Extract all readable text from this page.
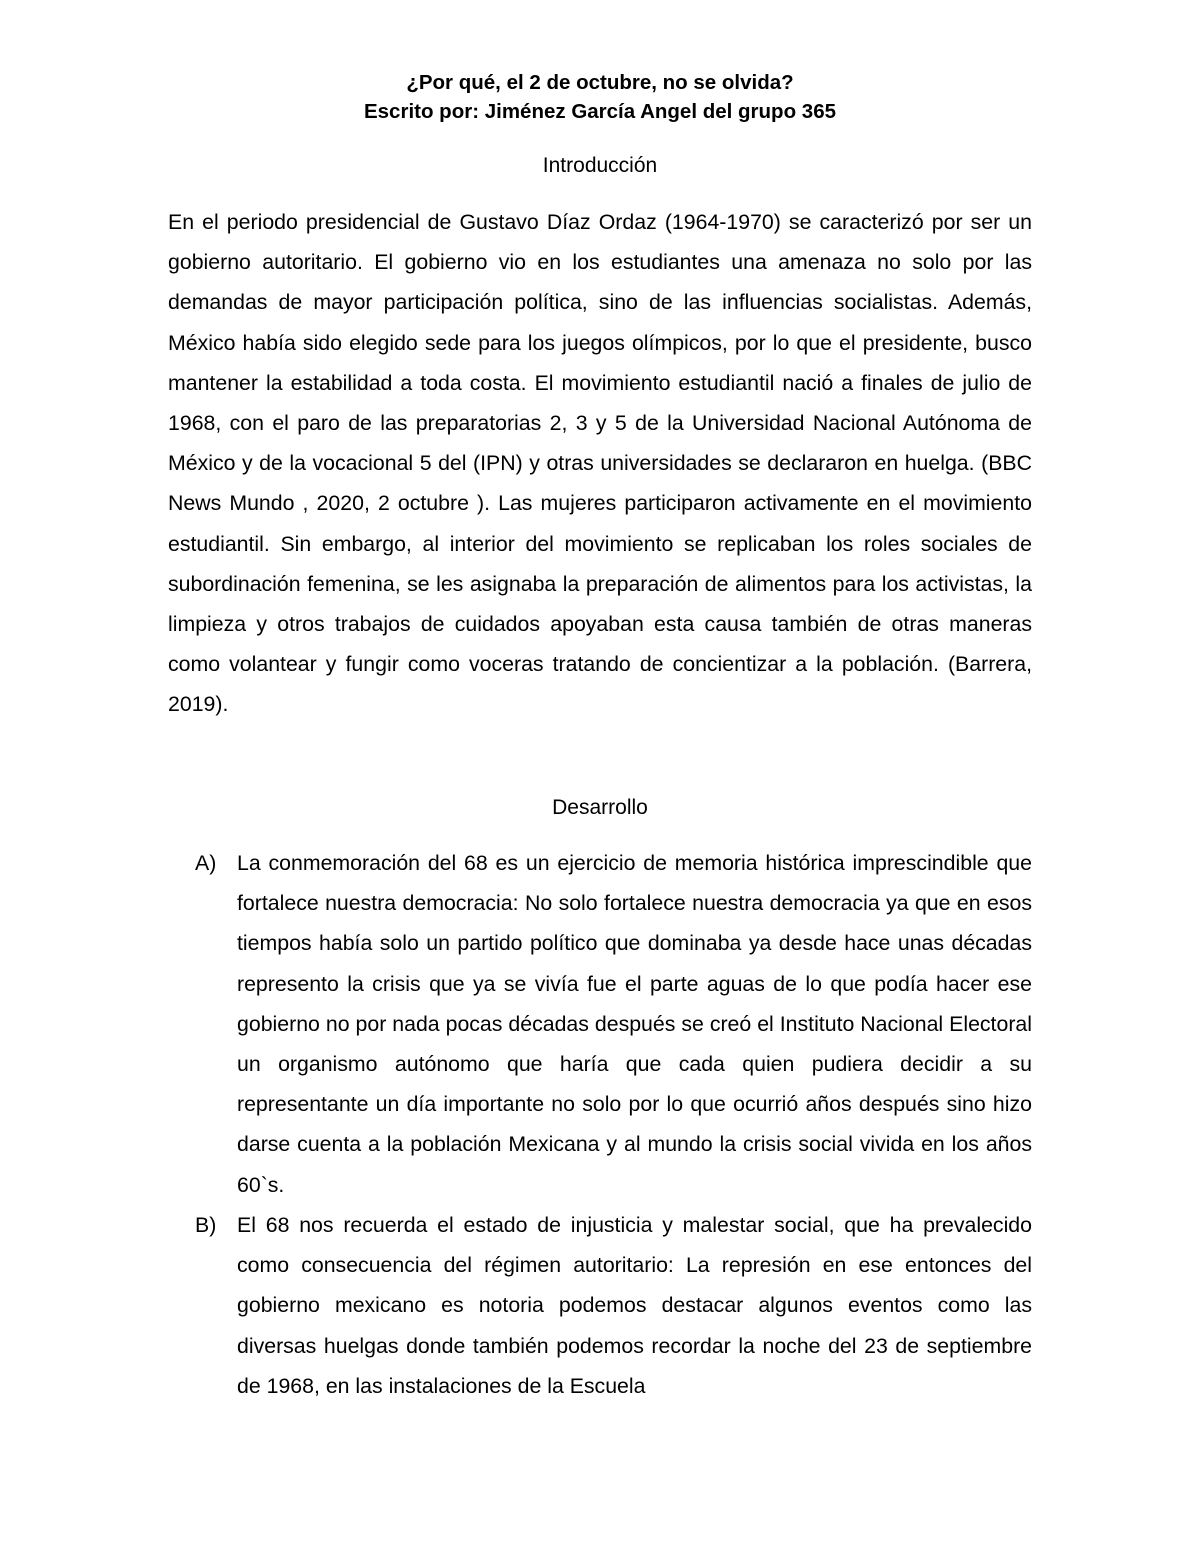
¿Por qué, el 2 de octubre, no se olvida?
Escrito por: Jiménez García Angel del grupo 365
Introducción

En el periodo presidencial de Gustavo Díaz Ordaz (1964-1970) se caracterizó por ser un gobierno autoritario. El gobierno vio en los estudiantes una amenaza no solo por las demandas de mayor participación política, sino de las influencias socialistas. Además, México había sido elegido sede para los juegos olímpicos, por lo que el presidente, busco mantener la estabilidad a toda costa. El movimiento estudiantil nació a finales de julio de 1968, con el paro de las preparatorias 2, 3 y 5 de la Universidad Nacional Autónoma de México y de la vocacional 5 del (IPN) y otras universidades se declararon en huelga. (BBC News Mundo , 2020, 2 octubre ). Las mujeres participaron activamente en el movimiento estudiantil. Sin embargo, al interior del movimiento se replicaban los roles sociales de subordinación femenina, se les asignaba la preparación de alimentos para los activistas, la limpieza y otros trabajos de cuidados apoyaban esta causa también de otras maneras como volantear y fungir como voceras tratando de concientizar a la población. (Barrera, 2019).

Desarrollo
A) La conmemoración del 68 es un ejercicio de memoria histórica imprescindible que fortalece nuestra democracia: No solo fortalece nuestra democracia ya que en esos tiempos había solo un partido político que dominaba ya desde hace unas décadas represento la crisis que ya se vivía fue el parte aguas de lo que podía hacer ese gobierno no por nada pocas décadas después se creó el Instituto Nacional Electoral un organismo autónomo que haría que cada quien pudiera decidir a su representante un día importante no solo por lo que ocurrió años después sino hizo darse cuenta a la población Mexicana y al mundo la crisis social vivida en los años 60`s.

B) El 68 nos recuerda el estado de injusticia y malestar social, que ha prevalecido como consecuencia del régimen autoritario: La represión en ese entonces del gobierno mexicano es notoria podemos destacar algunos eventos como las diversas huelgas donde también podemos recordar la noche del 23 de septiembre de 1968, en las instalaciones de la Escuela
